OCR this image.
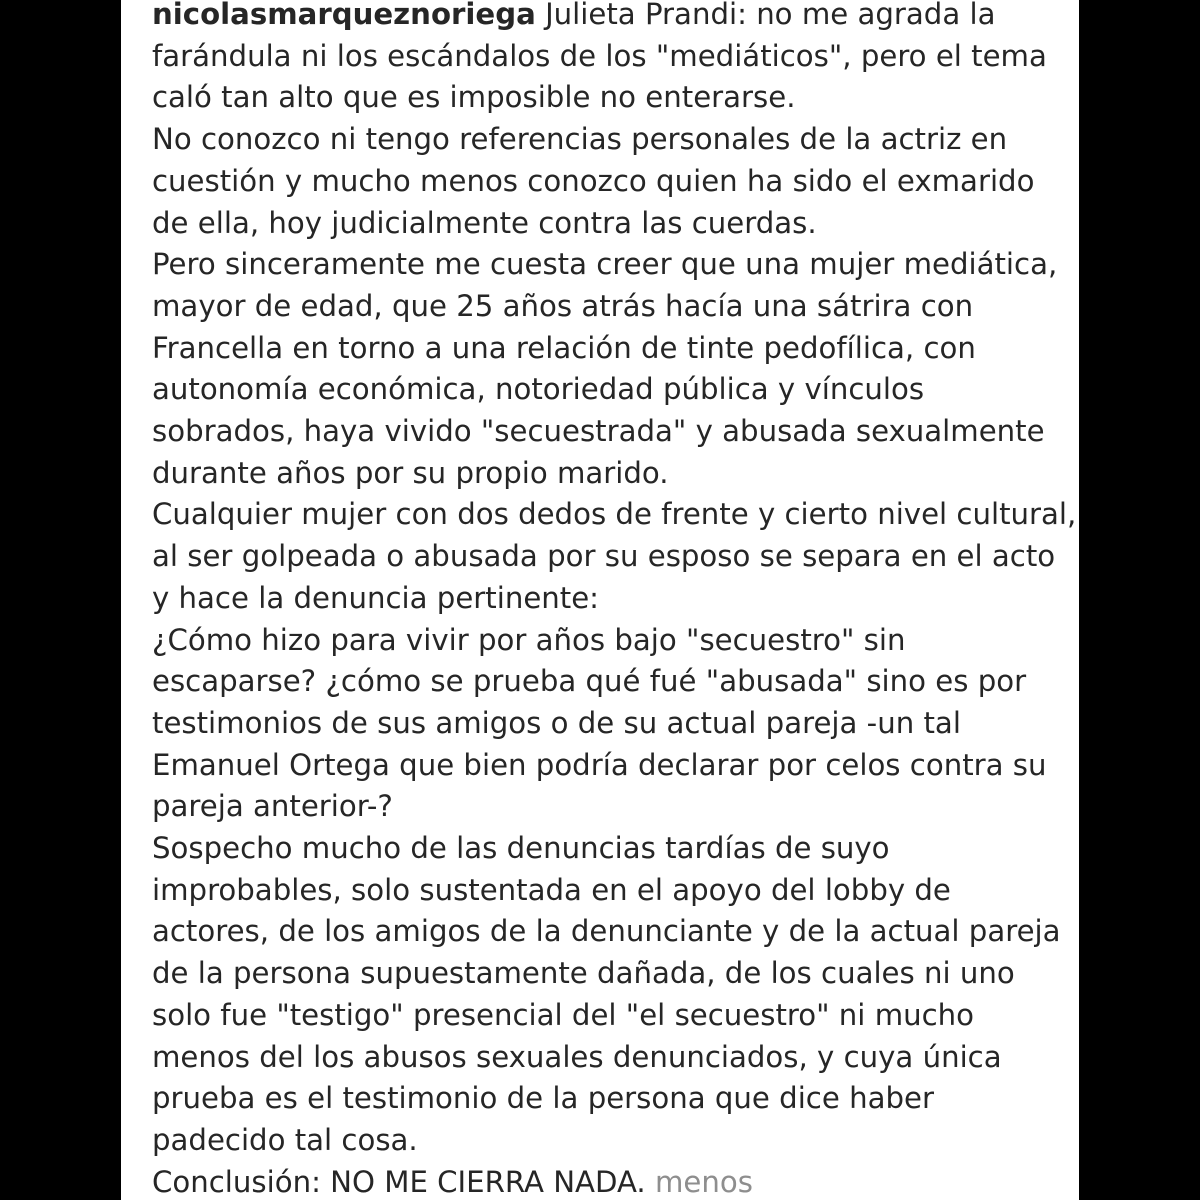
nicolasmarqueznoriega Julieta Prandi: no me agrada la
farándula ni los escándalos de los "mediáticos", pero el tema
caló tan alto que es imposible no enterarse.
No conozco ni tengo referencias personales de la actriz en
cuestión y mucho menos conozco quien ha sido el exmarido
de ella, hoy judicialmente contra las cuerdas.
Pero sinceramente me cuesta creer que una mujer mediática,
mayor de edad, que 25 años atrás hacía una sátrira con
Francella en torno a una relación de tinte pedofílica, con
autonomía económica, notoriedad pública y vínculos
sobrados, haya vivido "secuestrada" y abusada sexualmente
durante años por su propio marido.
Cualquier mujer con dos dedos de frente y cierto nivel cultural,
al ser golpeada o abusada por su esposo se separa en el acto
y hace la denuncia pertinente:
¿Cómo hizo para vivir por años bajo "secuestro" sin
escaparse? ¿cómo se prueba qué fué "abusada" sino es por
testimonios de sus amigos o de su actual pareja -un tal
Emanuel Ortega que bien podría declarar por celos contra su
pareja anterior-?
Sospecho mucho de las denuncias tardías de suyo
improbables, solo sustentada en el apoyo del lobby de
actores, de los amigos de la denunciante y de la actual pareja
de la persona supuestamente dañada, de los cuales ni uno
solo fue "testigo" presencial del "el secuestro" ni mucho
menos del los abusos sexuales denunciados, y cuya única
prueba es el testimonio de la persona que dice haber
padecido tal cosa.
Conclusión: NO ME CIERRA NADA. menos
